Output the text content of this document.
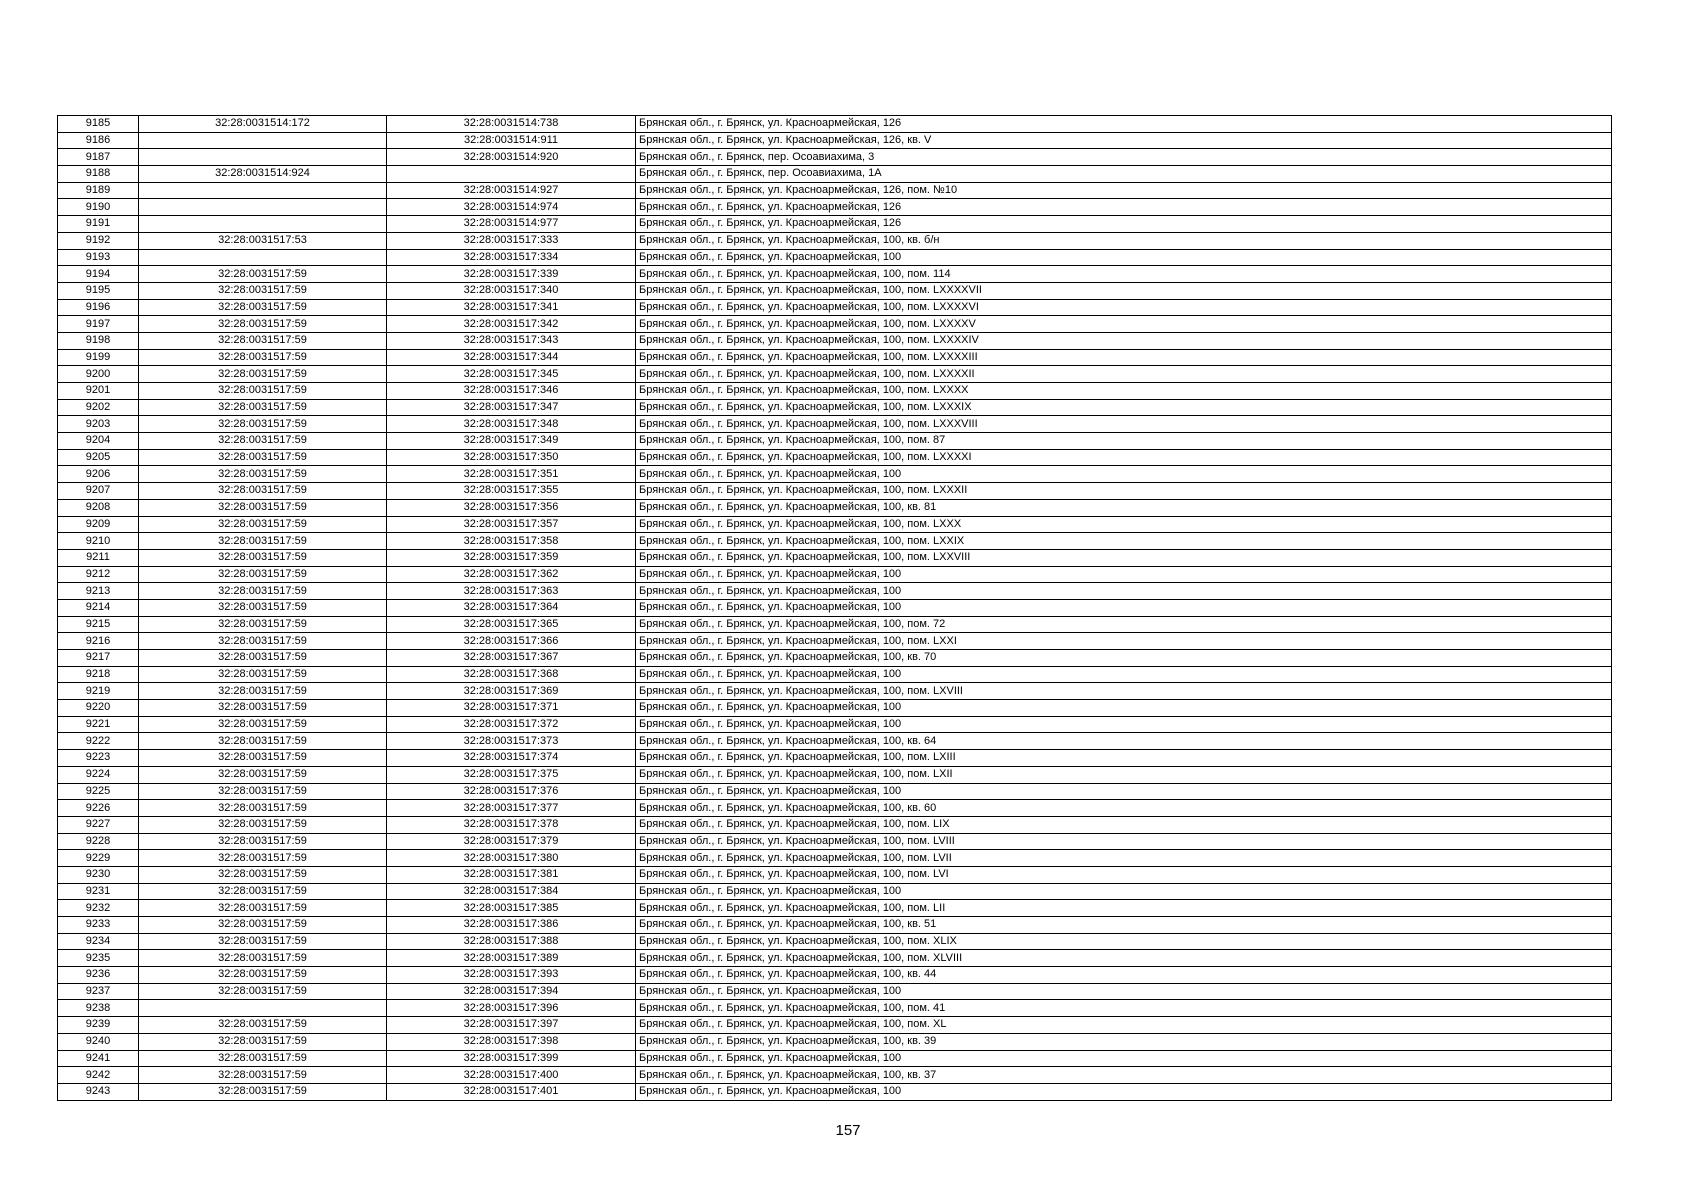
9185	32:28:0031514:172	32:28:0031514:738	Брянская обл., г. Брянск, ул. Красноармейская, 126
9186		32:28:0031514:911	Брянская обл., г. Брянск, ул. Красноармейская, 126, кв. V
9187		32:28:0031514:920	Брянская обл., г. Брянск, пер. Осоавиахима, 3
9188	32:28:0031514:924		Брянская обл., г. Брянск, пер. Осоавиахима, 1А
9189		32:28:0031514:927	Брянская обл., г. Брянск, ул. Красноармейская, 126, пом. №10
9190		32:28:0031514:974	Брянская обл., г. Брянск, ул. Красноармейская, 126
9191		32:28:0031514:977	Брянская обл., г. Брянск, ул. Красноармейская, 126
9192	32:28:0031517:53	32:28:0031517:333	Брянская обл., г. Брянск, ул. Красноармейская, 100, кв. б/н
9193		32:28:0031517:334	Брянская обл., г. Брянск, ул. Красноармейская, 100
9194	32:28:0031517:59	32:28:0031517:339	Брянская обл., г. Брянск, ул. Красноармейская, 100, пом. 114
9195	32:28:0031517:59	32:28:0031517:340	Брянская обл., г. Брянск, ул. Красноармейская, 100, пом. LXXXXVII
9196	32:28:0031517:59	32:28:0031517:341	Брянская обл., г. Брянск, ул. Красноармейская, 100, пом. LXXXXVI
9197	32:28:0031517:59	32:28:0031517:342	Брянская обл., г. Брянск, ул. Красноармейская, 100, пом. LXXXXV
9198	32:28:0031517:59	32:28:0031517:343	Брянская обл., г. Брянск, ул. Красноармейская, 100, пом. LXXXXIV
9199	32:28:0031517:59	32:28:0031517:344	Брянская обл., г. Брянск, ул. Красноармейская, 100, пом. LXXXXIII
9200	32:28:0031517:59	32:28:0031517:345	Брянская обл., г. Брянск, ул. Красноармейская, 100, пом. LXXXXII
9201	32:28:0031517:59	32:28:0031517:346	Брянская обл., г. Брянск, ул. Красноармейская, 100, пом. LXXXX
9202	32:28:0031517:59	32:28:0031517:347	Брянская обл., г. Брянск, ул. Красноармейская, 100, пом. LXXXIX
9203	32:28:0031517:59	32:28:0031517:348	Брянская обл., г. Брянск, ул. Красноармейская, 100, пом. LXXXVIII
9204	32:28:0031517:59	32:28:0031517:349	Брянская обл., г. Брянск, ул. Красноармейская, 100, пом. 87
9205	32:28:0031517:59	32:28:0031517:350	Брянская обл., г. Брянск, ул. Красноармейская, 100, пом. LXXXXI
9206	32:28:0031517:59	32:28:0031517:351	Брянская обл., г. Брянск, ул. Красноармейская, 100
9207	32:28:0031517:59	32:28:0031517:355	Брянская обл., г. Брянск, ул. Красноармейская, 100, пом. LXXXII
9208	32:28:0031517:59	32:28:0031517:356	Брянская обл., г. Брянск, ул. Красноармейская, 100, кв. 81
9209	32:28:0031517:59	32:28:0031517:357	Брянская обл., г. Брянск, ул. Красноармейская, 100, пом. LXXX
9210	32:28:0031517:59	32:28:0031517:358	Брянская обл., г. Брянск, ул. Красноармейская, 100, пом. LXXIX
9211	32:28:0031517:59	32:28:0031517:359	Брянская обл., г. Брянск, ул. Красноармейская, 100, пом. LXXVIII
9212	32:28:0031517:59	32:28:0031517:362	Брянская обл., г. Брянск, ул. Красноармейская, 100
9213	32:28:0031517:59	32:28:0031517:363	Брянская обл., г. Брянск, ул. Красноармейская, 100
9214	32:28:0031517:59	32:28:0031517:364	Брянская обл., г. Брянск, ул. Красноармейская, 100
9215	32:28:0031517:59	32:28:0031517:365	Брянская обл., г. Брянск, ул. Красноармейская, 100, пом. 72
9216	32:28:0031517:59	32:28:0031517:366	Брянская обл., г. Брянск, ул. Красноармейская, 100, пом. LXXI
9217	32:28:0031517:59	32:28:0031517:367	Брянская обл., г. Брянск, ул. Красноармейская, 100, кв. 70
9218	32:28:0031517:59	32:28:0031517:368	Брянская обл., г. Брянск, ул. Красноармейская, 100
9219	32:28:0031517:59	32:28:0031517:369	Брянская обл., г. Брянск, ул. Красноармейская, 100, пом. LXVIII
9220	32:28:0031517:59	32:28:0031517:371	Брянская обл., г. Брянск, ул. Красноармейская, 100
9221	32:28:0031517:59	32:28:0031517:372	Брянская обл., г. Брянск, ул. Красноармейская, 100
9222	32:28:0031517:59	32:28:0031517:373	Брянская обл., г. Брянск, ул. Красноармейская, 100, кв. 64
9223	32:28:0031517:59	32:28:0031517:374	Брянская обл., г. Брянск, ул. Красноармейская, 100, пом. LXIII
9224	32:28:0031517:59	32:28:0031517:375	Брянская обл., г. Брянск, ул. Красноармейская, 100, пом. LXII
9225	32:28:0031517:59	32:28:0031517:376	Брянская обл., г. Брянск, ул. Красноармейская, 100
9226	32:28:0031517:59	32:28:0031517:377	Брянская обл., г. Брянск, ул. Красноармейская, 100, кв. 60
9227	32:28:0031517:59	32:28:0031517:378	Брянская обл., г. Брянск, ул. Красноармейская, 100, пом. LIX
9228	32:28:0031517:59	32:28:0031517:379	Брянская обл., г. Брянск, ул. Красноармейская, 100, пом. LVIII
9229	32:28:0031517:59	32:28:0031517:380	Брянская обл., г. Брянск, ул. Красноармейская, 100, пом. LVII
9230	32:28:0031517:59	32:28:0031517:381	Брянская обл., г. Брянск, ул. Красноармейская, 100, пом. LVI
9231	32:28:0031517:59	32:28:0031517:384	Брянская обл., г. Брянск, ул. Красноармейская, 100
9232	32:28:0031517:59	32:28:0031517:385	Брянская обл., г. Брянск, ул. Красноармейская, 100, пом. LII
9233	32:28:0031517:59	32:28:0031517:386	Брянская обл., г. Брянск, ул. Красноармейская, 100, кв. 51
9234	32:28:0031517:59	32:28:0031517:388	Брянская обл., г. Брянск, ул. Красноармейская, 100, пом. XLIX
9235	32:28:0031517:59	32:28:0031517:389	Брянская обл., г. Брянск, ул. Красноармейская, 100, пом. XLVIII
9236	32:28:0031517:59	32:28:0031517:393	Брянская обл., г. Брянск, ул. Красноармейская, 100, кв. 44
9237	32:28:0031517:59	32:28:0031517:394	Брянская обл., г. Брянск, ул. Красноармейская, 100
9238		32:28:0031517:396	Брянская обл., г. Брянск, ул. Красноармейская, 100, пом. 41
9239	32:28:0031517:59	32:28:0031517:397	Брянская обл., г. Брянск, ул. Красноармейская, 100, пом. XL
9240	32:28:0031517:59	32:28:0031517:398	Брянская обл., г. Брянск, ул. Красноармейская, 100, кв. 39
9241	32:28:0031517:59	32:28:0031517:399	Брянская обл., г. Брянск, ул. Красноармейская, 100
9242	32:28:0031517:59	32:28:0031517:400	Брянская обл., г. Брянск, ул. Красноармейская, 100, кв. 37
9243	32:28:0031517:59	32:28:0031517:401	Брянская обл., г. Брянск, ул. Красноармейская, 100
157
